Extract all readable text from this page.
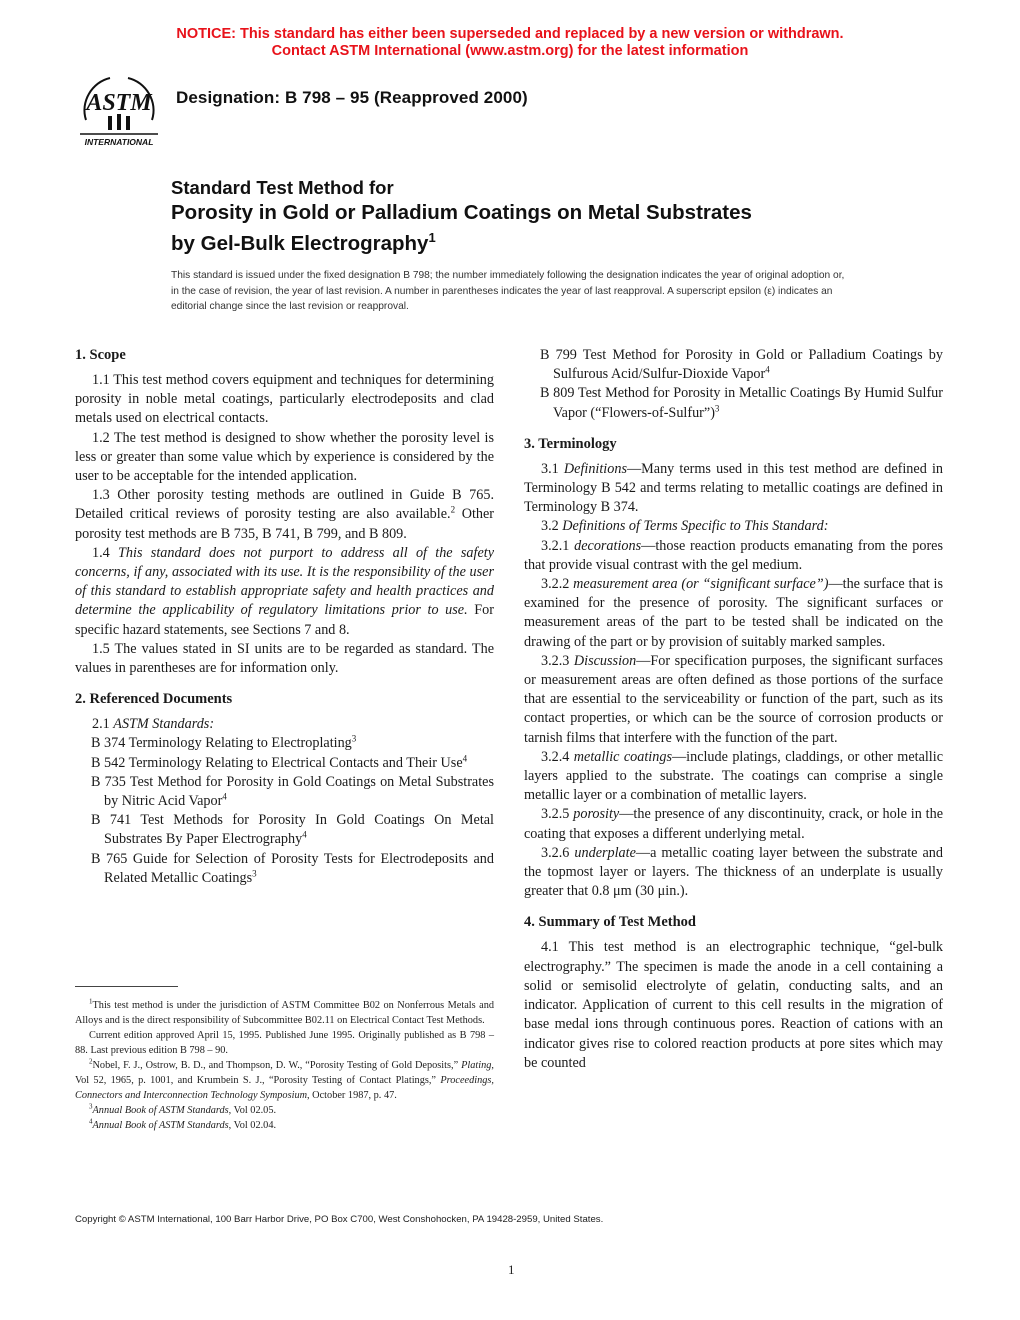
NOTICE: This standard has either been superseded and replaced by a new version or withdrawn.
Contact ASTM International (www.astm.org) for the latest information
ASTM
INTERNATIONAL
Designation: B 798 – 95 (Reapproved 2000)
Standard Test Method for
Porosity in Gold or Palladium Coatings on Metal Substrates
by Gel-Bulk Electrography$^1$
This standard is issued under the fixed designation B 798; the number immediately following the designation indicates the year of original adoption or, in the case of revision, the year of last revision. A number in parentheses indicates the year of last reapproval. A superscript epsilon (ε) indicates an editorial change since the last revision or reapproval.
1. Scope

1.1 This test method covers equipment and techniques for determining porosity in noble metal coatings, particularly electrodeposits and clad metals used on electrical contacts.

1.2 The test method is designed to show whether the porosity level is less or greater than some value which by experience is considered by the user to be acceptable for the intended application.

1.3 Other porosity testing methods are outlined in Guide B 765. Detailed critical reviews of porosity testing are also available.$^2$ Other porosity test methods are B 735, B 741, B 799, and B 809.

1.4 This standard does not purport to address all of the safety concerns, if any, associated with its use. It is the responsibility of the user of this standard to establish appropriate safety and health practices and determine the applicability of regulatory limitations prior to use. For specific hazard statements, see Sections 7 and 8.

1.5 The values stated in SI units are to be regarded as standard. The values in parentheses are for information only.

2. Referenced Documents

2.1 ASTM Standards:

B 374 Terminology Relating to Electroplating$^3$

B 542 Terminology Relating to Electrical Contacts and Their Use$^4$

B 735 Test Method for Porosity in Gold Coatings on Metal Substrates by Nitric Acid Vapor$^4$

B 741 Test Methods for Porosity In Gold Coatings On Metal Substrates By Paper Electrography$^4$

B 765 Guide for Selection of Porosity Tests for Electrodeposits and Related Metallic Coatings$^3$

$^1$This test method is under the jurisdiction of ASTM Committee B02 on Nonferrous Metals and Alloys and is the direct responsibility of Subcommittee B02.11 on Electrical Contact Test Methods.

Current edition approved April 15, 1995. Published June 1995. Originally published as B 798 – 88. Last previous edition B 798 – 90.

$^2$Nobel, F. J., Ostrow, B. D., and Thompson, D. W., “Porosity Testing of Gold Deposits,” Plating, Vol 52, 1965, p. 1001, and Krumbein S. J., “Porosity Testing of Contact Platings,” Proceedings, Connectors and Interconnection Technology Symposium, October 1987, p. 47.

$^3$Annual Book of ASTM Standards, Vol 02.05.

$^4$Annual Book of ASTM Standards, Vol 02.04.

B 799 Test Method for Porosity in Gold or Palladium Coatings by Sulfurous Acid/Sulfur-Dioxide Vapor$^4$

B 809 Test Method for Porosity in Metallic Coatings By Humid Sulfur Vapor (“Flowers-of-Sulfur”)$^3$

3. Terminology

3.1 Definitions—Many terms used in this test method are defined in Terminology B 542 and terms relating to metallic coatings are defined in Terminology B 374.

3.2 Definitions of Terms Specific to This Standard:

3.2.1 decorations—those reaction products emanating from the pores that provide visual contrast with the gel medium.

3.2.2 measurement area (or “significant surface”)—the surface that is examined for the presence of porosity. The significant surfaces or measurement areas of the part to be tested shall be indicated on the drawing of the part or by provision of suitably marked samples.

3.2.3 Discussion—For specification purposes, the significant surfaces or measurement areas are often defined as those portions of the surface that are essential to the serviceability or function of the part, such as its contact properties, or which can be the source of corrosion products or tarnish films that interfere with the function of the part.

3.2.4 metallic coatings—include platings, claddings, or other metallic layers applied to the substrate. The coatings can comprise a single metallic layer or a combination of metallic layers.

3.2.5 porosity—the presence of any discontinuity, crack, or hole in the coating that exposes a different underlying metal.

3.2.6 underplate—a metallic coating layer between the substrate and the topmost layer or layers. The thickness of an underplate is usually greater that 0.8 μm (30 μin.).

4. Summary of Test Method

4.1 This test method is an electrographic technique, “gel-bulk electrography.” The specimen is made the anode in a cell containing a solid or semisolid electrolyte of gelatin, conducting salts, and an indicator. Application of current to this cell results in the migration of base medal ions through continuous pores. Reaction of cations with an indicator gives rise to colored reaction products at pore sites which may be counted

Copyright © ASTM International, 100 Barr Harbor Drive, PO Box C700, West Conshohocken, PA 19428-2959, United States.
1
